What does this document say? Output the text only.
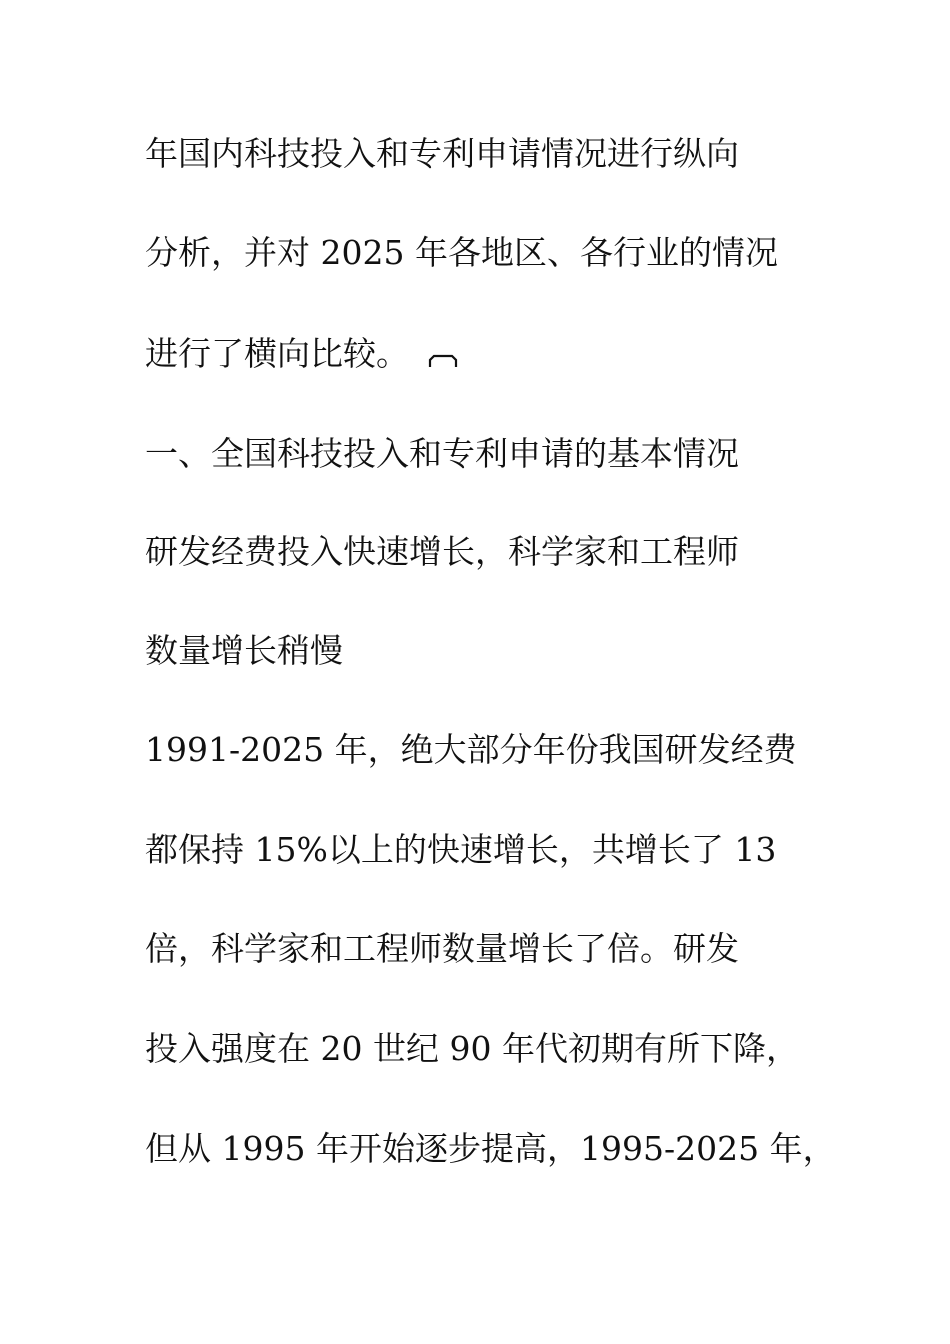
年国内科技投入和专利申请情况进行纵向
分析，并对 2025 年各地区、各行业的情况
进行了横向比较。
一、全国科技投入和专利申请的基本情况
研发经费投入快速增长，科学家和工程师
数量增长稍慢
1991-2025 年，绝大部分年份我国研发经费
都保持 15%以上的快速增长，共增长了 13
倍，科学家和工程师数量增长了倍。研发
投入强度在 20 世纪 90 年代初期有所下降，
但从 1995 年开始逐步提高，1995-2025 年，
